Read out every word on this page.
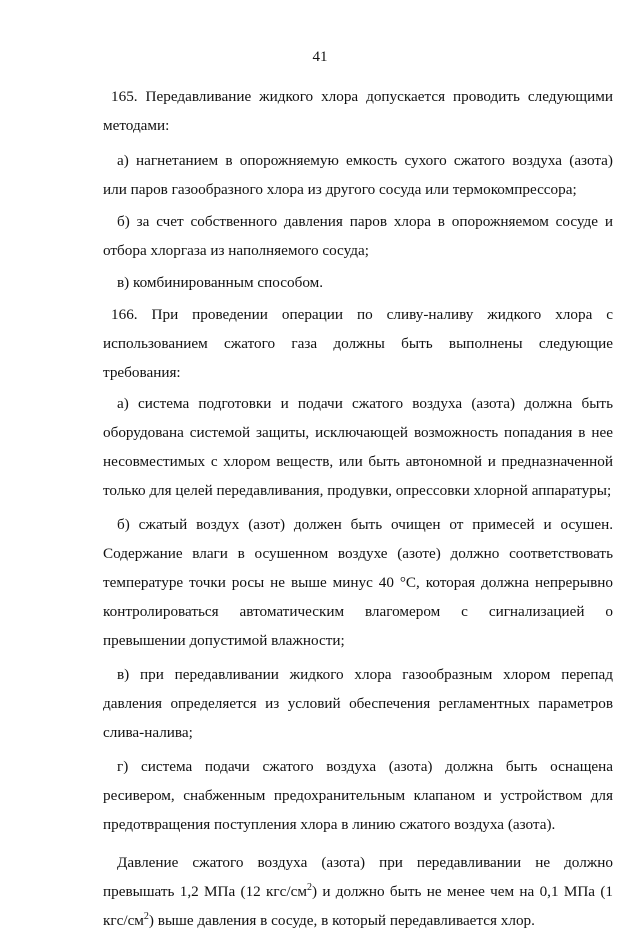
41

165. Передавливание жидкого хлора допускается проводить следующими методами:

а) нагнетанием в опорожняемую емкость сухого сжатого воздуха (азота) или паров газообразного хлора из другого сосуда или термокомпрессора;

б) за счет собственного давления паров хлора в опорожняемом сосуде и отбора хлоргаза из наполняемого сосуда;

в) комбинированным способом.

166. При проведении операции по сливу-наливу жидкого хлора с использованием сжатого газа должны быть выполнены следующие требования:

а) система подготовки и подачи сжатого воздуха (азота) должна быть оборудована системой защиты, исключающей возможность попадания в нее несовместимых с хлором веществ, или быть автономной и предназначенной только для целей передавливания, продувки, опрессовки хлорной аппаратуры;

б) сжатый воздух (азот) должен быть очищен от примесей и осушен. Содержание влаги в осушенном воздухе (азоте) должно соответствовать температуре точки росы не выше минус 40 °С, которая должна непрерывно контролироваться автоматическим влагомером с сигнализацией о превышении допустимой влажности;

в) при передавливании жидкого хлора газообразным хлором перепад давления определяется из условий обеспечения регламентных параметров слива-налива;

г) система подачи сжатого воздуха (азота) должна быть оснащена ресивером, снабженным предохранительным клапаном и устройством для предотвращения поступления хлора в линию сжатого воздуха (азота).

Давление сжатого воздуха (азота) при передавливании не должно превышать 1,2 МПа (12 кгс/$см^2$) и должно быть не менее чем на 0,1 МПа (1 кгс/$см^2$) выше давления в сосуде, в который передавливается хлор.
